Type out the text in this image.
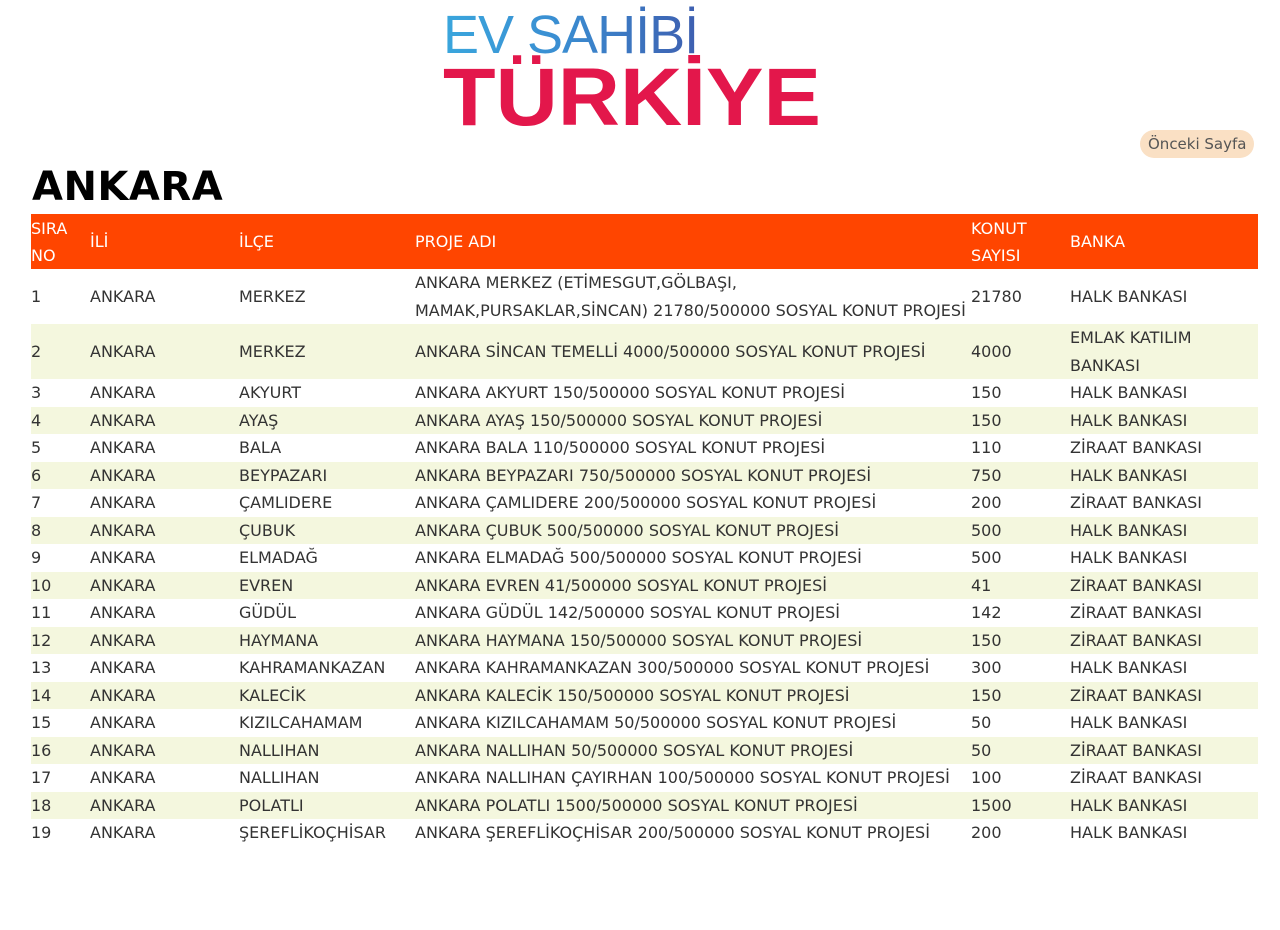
EV SAHİBİ
TÜRKİYE
Önceki Sayfa
ANKARA
SIRA NO	İLİ	İLÇE	PROJE ADI	KONUT SAYISI	BANKA
1	ANKARA	MERKEZ	ANKARA MERKEZ (ETİMESGUT,GÖLBAŞI, MAMAK,PURSAKLAR,SİNCAN) 21780/500000 SOSYAL KONUT PROJESİ	21780	HALK BANKASI
2	ANKARA	MERKEZ	ANKARA SİNCAN TEMELLİ 4000/500000 SOSYAL KONUT PROJESİ	4000	EMLAK KATILIM BANKASI
3	ANKARA	AKYURT	ANKARA AKYURT 150/500000 SOSYAL KONUT PROJESİ	150	HALK BANKASI
4	ANKARA	AYAŞ	ANKARA AYAŞ 150/500000 SOSYAL KONUT PROJESİ	150	HALK BANKASI
5	ANKARA	BALA	ANKARA BALA 110/500000 SOSYAL KONUT PROJESİ	110	ZİRAAT BANKASI
6	ANKARA	BEYPAZARI	ANKARA BEYPAZARI 750/500000 SOSYAL KONUT PROJESİ	750	HALK BANKASI
7	ANKARA	ÇAMLIDERE	ANKARA ÇAMLIDERE 200/500000 SOSYAL KONUT PROJESİ	200	ZİRAAT BANKASI
8	ANKARA	ÇUBUK	ANKARA ÇUBUK 500/500000 SOSYAL KONUT PROJESİ	500	HALK BANKASI
9	ANKARA	ELMADAĞ	ANKARA ELMADAĞ 500/500000 SOSYAL KONUT PROJESİ	500	HALK BANKASI
10	ANKARA	EVREN	ANKARA EVREN 41/500000 SOSYAL KONUT PROJESİ	41	ZİRAAT BANKASI
11	ANKARA	GÜDÜL	ANKARA GÜDÜL 142/500000 SOSYAL KONUT PROJESİ	142	ZİRAAT BANKASI
12	ANKARA	HAYMANA	ANKARA HAYMANA 150/500000 SOSYAL KONUT PROJESİ	150	ZİRAAT BANKASI
13	ANKARA	KAHRAMANKAZAN	ANKARA KAHRAMANKAZAN 300/500000 SOSYAL KONUT PROJESİ	300	HALK BANKASI
14	ANKARA	KALECİK	ANKARA KALECİK 150/500000 SOSYAL KONUT PROJESİ	150	ZİRAAT BANKASI
15	ANKARA	KIZILCAHAMAM	ANKARA KIZILCAHAMAM 50/500000 SOSYAL KONUT PROJESİ	50	HALK BANKASI
16	ANKARA	NALLIHAN	ANKARA NALLIHAN 50/500000 SOSYAL KONUT PROJESİ	50	ZİRAAT BANKASI
17	ANKARA	NALLIHAN	ANKARA NALLIHAN ÇAYIRHAN 100/500000 SOSYAL KONUT PROJESİ	100	ZİRAAT BANKASI
18	ANKARA	POLATLI	ANKARA POLATLI 1500/500000 SOSYAL KONUT PROJESİ	1500	HALK BANKASI
19	ANKARA	ŞEREFLİKOÇHİSAR	ANKARA ŞEREFLİKOÇHİSAR 200/500000 SOSYAL KONUT PROJESİ	200	HALK BANKASI
